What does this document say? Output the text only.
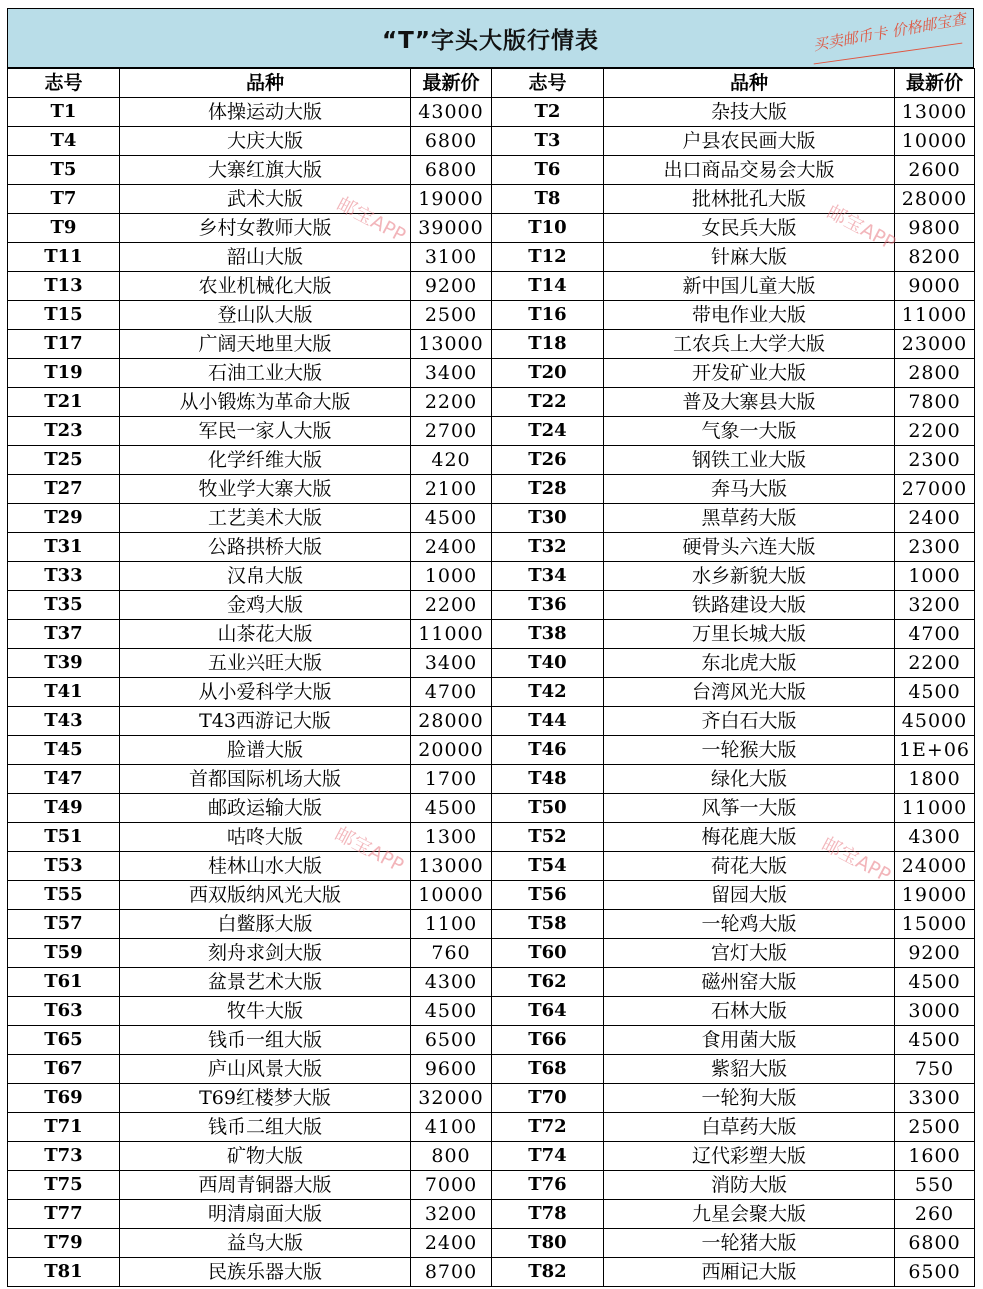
“T”字头大版行情表	买卖邮币卡 价格邮宝查
志号	品种	最新价	志号	品种	最新价
T1	体操运动大版	43000	T2	杂技大版	13000
T4	大庆大版	6800	T3	户县农民画大版	10000
T5	大寨红旗大版	6800	T6	出口商品交易会大版	2600
T7	武术大版	19000	T8	批林批孔大版	28000
T9	乡村女教师大版	39000	T10	女民兵大版	9800
T11	韶山大版	3100	T12	针麻大版	8200
T13	农业机械化大版	9200	T14	新中国儿童大版	9000
T15	登山队大版	2500	T16	带电作业大版	11000
T17	广阔天地里大版	13000	T18	工农兵上大学大版	23000
T19	石油工业大版	3400	T20	开发矿业大版	2800
T21	从小锻炼为革命大版	2200	T22	普及大寨县大版	7800
T23	军民一家人大版	2700	T24	气象一大版	2200
T25	化学纤维大版	420	T26	钢铁工业大版	2300
T27	牧业学大寨大版	2100	T28	奔马大版	27000
T29	工艺美术大版	4500	T30	黑草药大版	2400
T31	公路拱桥大版	2400	T32	硬骨头六连大版	2300
T33	汉帛大版	1000	T34	水乡新貌大版	1000
T35	金鸡大版	2200	T36	铁路建设大版	3200
T37	山茶花大版	11000	T38	万里长城大版	4700
T39	五业兴旺大版	3400	T40	东北虎大版	2200
T41	从小爱科学大版	4700	T42	台湾风光大版	4500
T43	T43西游记大版	28000	T44	齐白石大版	45000
T45	脸谱大版	20000	T46	一轮猴大版	1E+06
T47	首都国际机场大版	1700	T48	绿化大版	1800
T49	邮政运输大版	4500	T50	风筝一大版	11000
T51	咕咚大版	1300	T52	梅花鹿大版	4300
T53	桂林山水大版	13000	T54	荷花大版	24000
T55	西双版纳风光大版	10000	T56	留园大版	19000
T57	白鳖豚大版	1100	T58	一轮鸡大版	15000
T59	刻舟求剑大版	760	T60	宫灯大版	9200
T61	盆景艺术大版	4300	T62	磁州窑大版	4500
T63	牧牛大版	4500	T64	石林大版	3000
T65	钱币一组大版	6500	T66	食用菌大版	4500
T67	庐山风景大版	9600	T68	紫貂大版	750
T69	T69红楼梦大版	32000	T70	一轮狗大版	3300
T71	钱币二组大版	4100	T72	白草药大版	2500
T73	矿物大版	800	T74	辽代彩塑大版	1600
T75	西周青铜器大版	7000	T76	消防大版	550
T77	明清扇面大版	3200	T78	九星会聚大版	260
T79	益鸟大版	2400	T80	一轮猪大版	6800
T81	民族乐器大版	8700	T82	西厢记大版	6500
邮宝APP	邮宝APP
邮宝APP	邮宝APP
